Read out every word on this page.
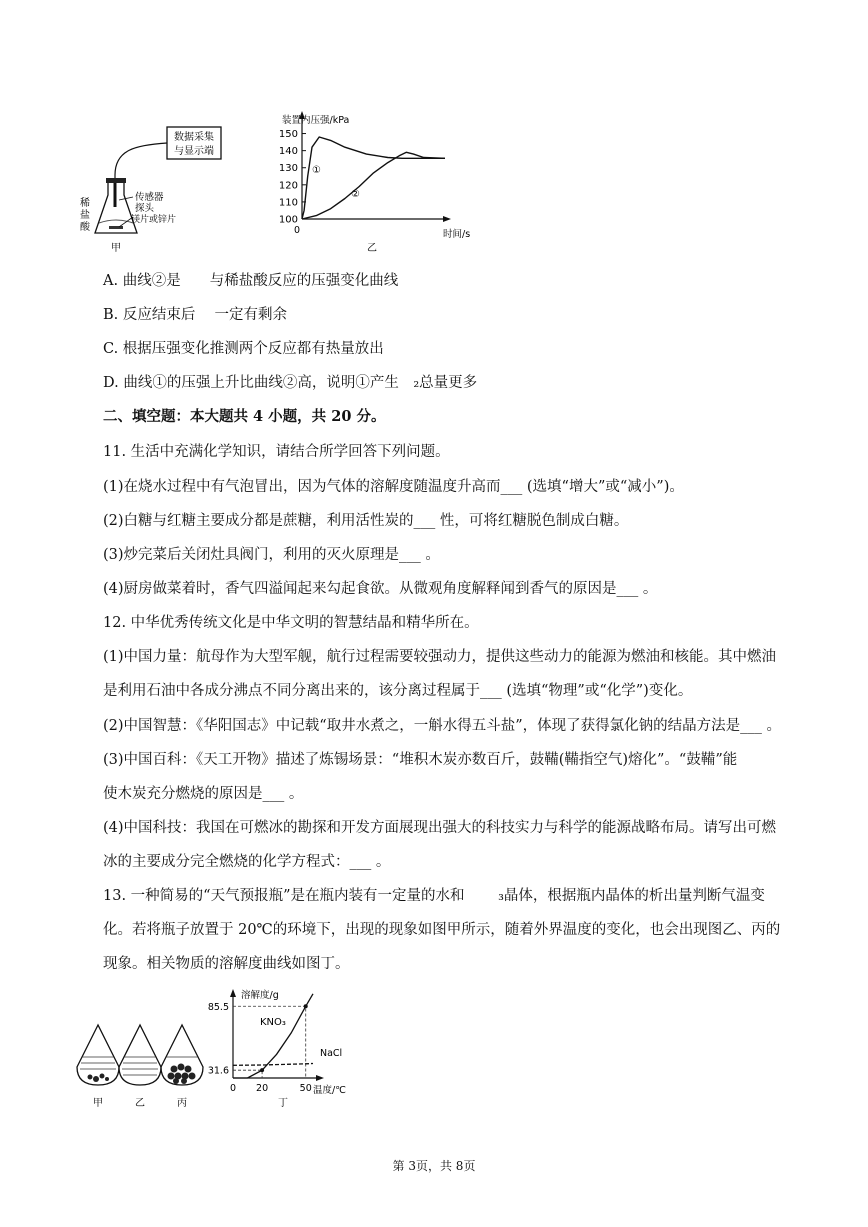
数据采集
与显示端
传感器
探头
镁片或锌片
稀
盐
酸
甲
装置内压强/kPa
时间/s
0
100
110
120
130
140
150
①
②
乙
A. 曲线②是　　与稀盐酸反应的压强变化曲线
B. 反应结束后　 一定有剩余
C. 根据压强变化推测两个反应都有热量放出
D. 曲线①的压强上升比曲线②高，说明①产生　₂总量更多
二、填空题：本大题共 4 小题，共 20 分。
11. 生活中充满化学知识，请结合所学回答下列问题。
(1)在烧水过程中有气泡冒出，因为气体的溶解度随温度升高而___ (选填“增大”或“减小”)。
(2)白糖与红糖主要成分都是蔗糖，利用活性炭的___ 性，可将红糖脱色制成白糖。
(3)炒完菜后关闭灶具阀门，利用的灭火原理是___ 。
(4)厨房做菜着时，香气四溢闻起来勾起食欲。从微观角度解释闻到香气的原因是___ 。
12. 中华优秀传统文化是中华文明的智慧结晶和精华所在。
(1)中国力量：航母作为大型军舰，航行过程需要较强动力，提供这些动力的能源为燃油和核能。其中燃油
是利用石油中各成分沸点不同分离出来的，该分离过程属于___ (选填“物理”或“化学”)变化。
(2)中国智慧：《华阳国志》中记载“取井水煮之，一斛水得五斗盐”，体现了获得氯化钠的结晶方法是___ 。
(3)中国百科：《天工开物》描述了炼锡场景：“堆积木炭亦数百斤，鼓鞴(鞴指空气)熔化”。“鼓鞴”能
使木炭充分燃烧的原因是___ 。
(4)中国科技：我国在可燃冰的勘探和开发方面展现出强大的科技实力与科学的能源战略布局。请写出可燃
冰的主要成分完全燃烧的化学方程式：___ 。
13. 一种简易的“天气预报瓶”是在瓶内装有一定量的水和　　 ₃晶体，根据瓶内晶体的析出量判断气温变
化。若将瓶子放置于 20℃的环境下，出现的现象如图甲所示，随着外界温度的变化，也会出现图乙、丙的
现象。相关物质的溶解度曲线如图丁。
甲	乙	丙
溶解度/g
温度/℃
31.6
85.5
0 20	50
KNO₃
NaCl
丁
第 3页，共 8页
